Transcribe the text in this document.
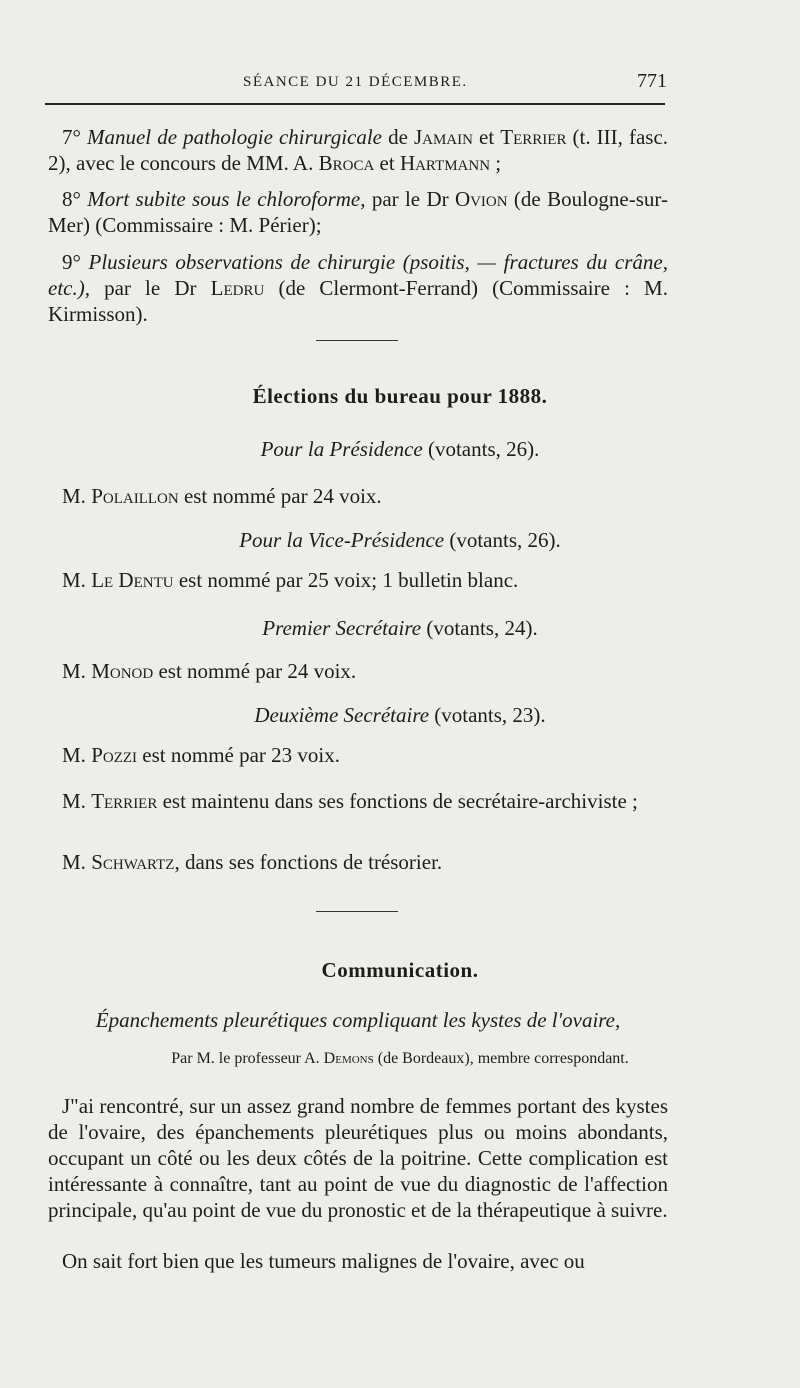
SÉANCE DU 21 DÉCEMBRE.	771

7° Manuel de pathologie chirurgicale de Jamain et Terrier (t. III, fasc. 2), avec le concours de MM. A. Broca et Hartmann ;

8° Mort subite sous le chloroforme, par le Dr Ovion (de Boulogne-sur-Mer) (Commissaire : M. Périer);

9° Plusieurs observations de chirurgie (psoitis, — fractures du crâne, etc.), par le Dr Ledru (de Clermont-Ferrand) (Commissaire : M. Kirmisson).

Élections du bureau pour 1888.
Pour la Présidence (votants, 26).
M. Polaillon est nommé par 24 voix.
Pour la Vice-Présidence (votants, 26).
M. Le Dentu est nommé par 25 voix; 1 bulletin blanc.
Premier Secrétaire (votants, 24).
M. Monod est nommé par 24 voix.
Deuxième Secrétaire (votants, 23).
M. Pozzi est nommé par 23 voix.
M. Terrier est maintenu dans ses fonctions de secrétaire-archiviste ;
M. Schwartz, dans ses fonctions de trésorier.
Communication.
Épanchements pleurétiques compliquant les kystes de l'ovaire,
Par M. le professeur A. Demons (de Bordeaux), membre correspondant.
J"ai rencontré, sur un assez grand nombre de femmes portant des kystes de l'ovaire, des épanchements pleurétiques plus ou moins abondants, occupant un côté ou les deux côtés de la poitrine. Cette complication est intéressante à connaître, tant au point de vue du diagnostic de l'affection principale, qu'au point de vue du pronostic et de la thérapeutique à suivre.
On sait fort bien que les tumeurs malignes de l'ovaire, avec ou
